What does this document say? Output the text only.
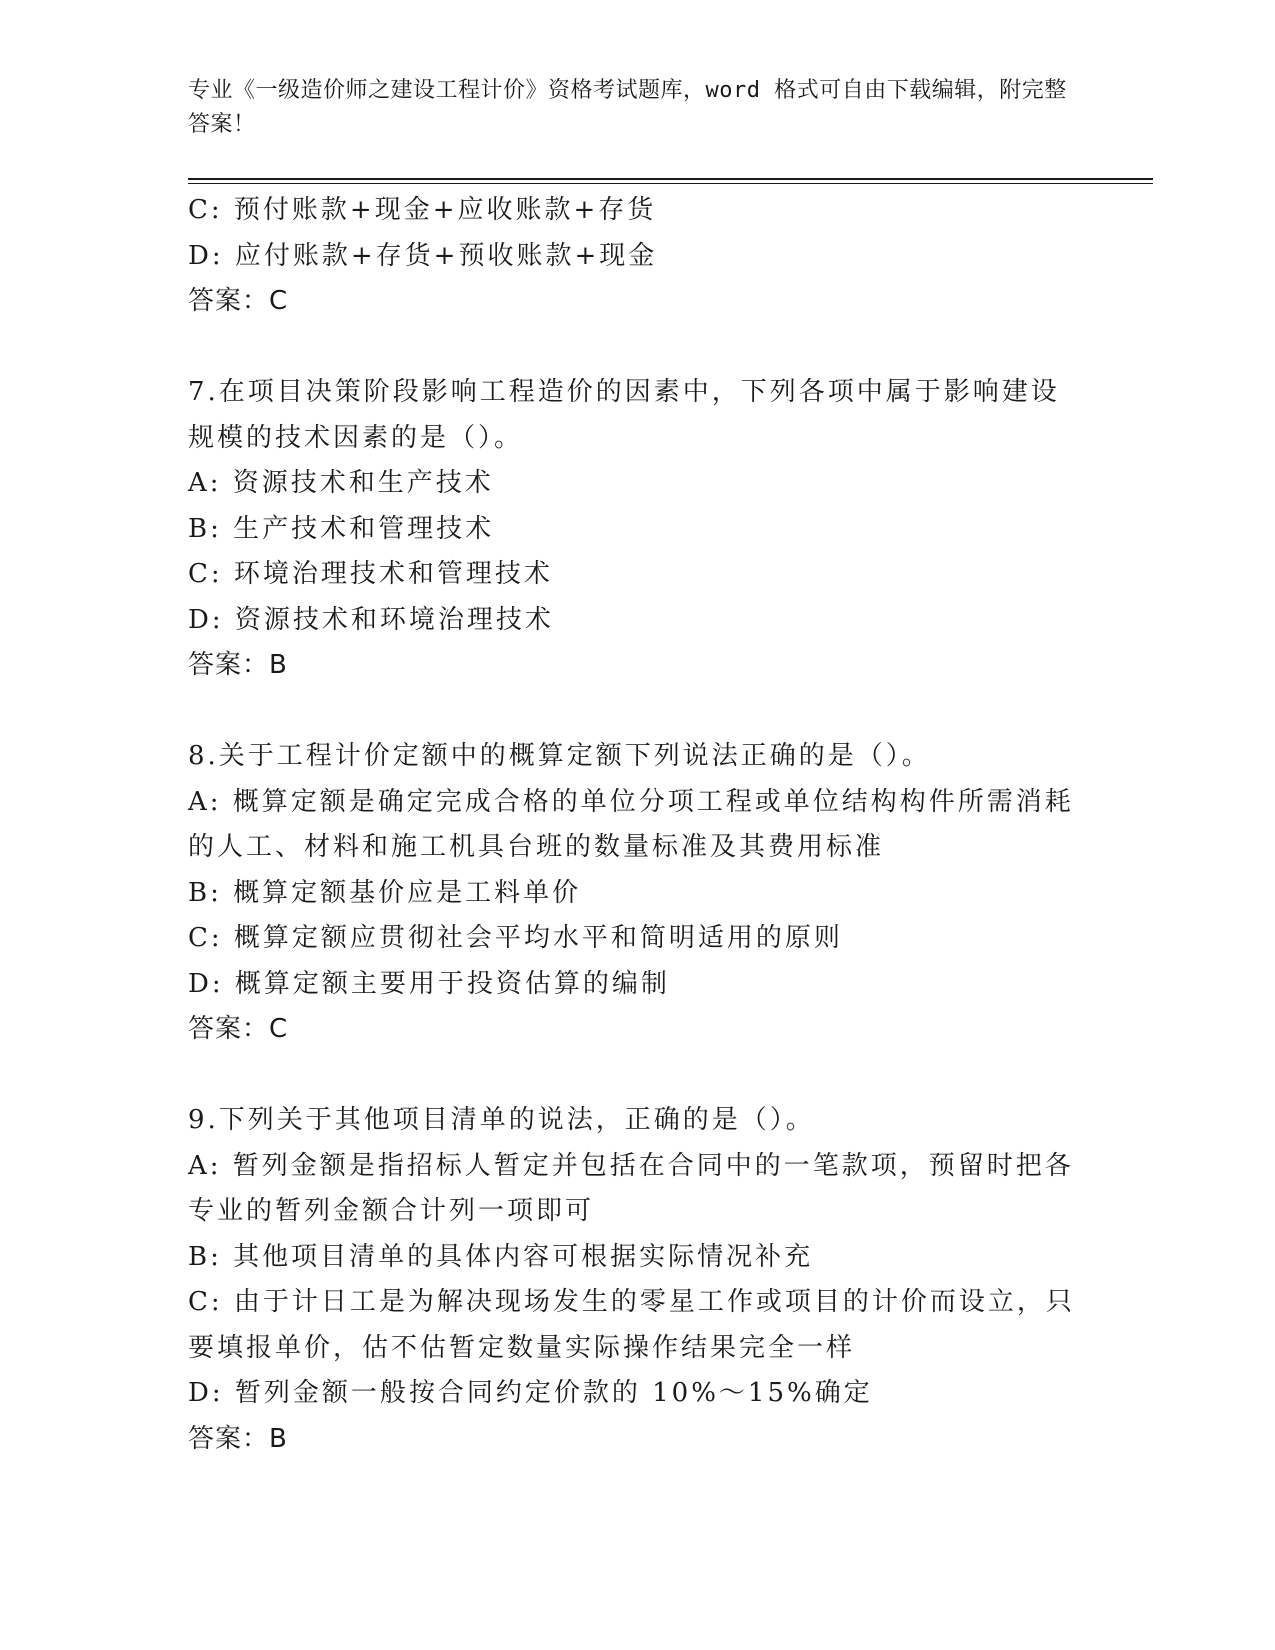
专业《一级造价师之建设工程计价》资格考试题库，word 格式可自由下载编辑，附完整答案！
C: 预付账款+现金+应收账款+存货
D: 应付账款+存货+预收账款+现金
答案：C
7.在项目决策阶段影响工程造价的因素中，下列各项中属于影响建设规模的技术因素的是（）。
A: 资源技术和生产技术
B: 生产技术和管理技术
C: 环境治理技术和管理技术
D: 资源技术和环境治理技术
答案：B
8.关于工程计价定额中的概算定额下列说法正确的是（）。
A: 概算定额是确定完成合格的单位分项工程或单位结构构件所需消耗的人工、材料和施工机具台班的数量标准及其费用标准
B: 概算定额基价应是工料单价
C: 概算定额应贯彻社会平均水平和简明适用的原则
D: 概算定额主要用于投资估算的编制
答案：C
9.下列关于其他项目清单的说法，正确的是（）。
A: 暂列金额是指招标人暂定并包括在合同中的一笔款项，预留时把各专业的暂列金额合计列一项即可
B: 其他项目清单的具体内容可根据实际情况补充
C: 由于计日工是为解决现场发生的零星工作或项目的计价而设立，只要填报单价，估不估暂定数量实际操作结果完全一样
D: 暂列金额一般按合同约定价款的 10%～15%确定
答案：B
